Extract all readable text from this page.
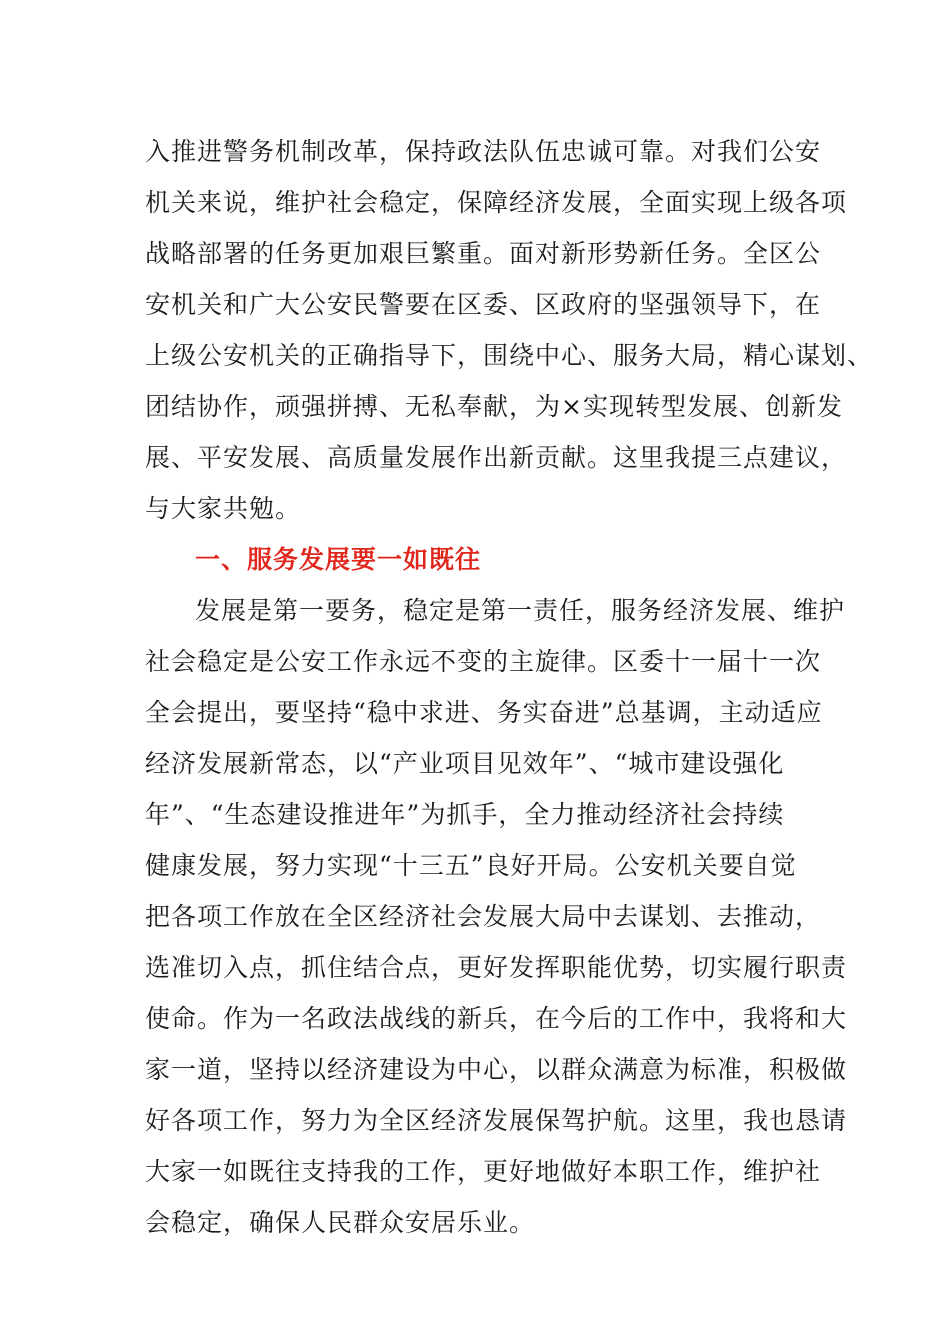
入推进警务机制改革，保持政法队伍忠诚可靠。对我们公安
机关来说，维护社会稳定，保障经济发展，全面实现上级各项
战略部署的任务更加艰巨繁重。面对新形势新任务。全区公
安机关和广大公安民警要在区委、区政府的坚强领导下，在
上级公安机关的正确指导下，围绕中心、服务大局，精心谋划、
团结协作，顽强拼搏、无私奉献，为×实现转型发展、创新发
展、平安发展、高质量发展作出新贡献。这里我提三点建议，
与大家共勉。
一、服务发展要一如既往
发展是第一要务，稳定是第一责任，服务经济发展、维护
社会稳定是公安工作永远不变的主旋律。区委十一届十一次
全会提出，要坚持“稳中求进、务实奋进”总基调，主动适应
经济发展新常态，以“产业项目见效年”、“城市建设强化
年”、“生态建设推进年”为抓手，全力推动经济社会持续
健康发展，努力实现“十三五”良好开局。公安机关要自觉
把各项工作放在全区经济社会发展大局中去谋划、去推动，
选准切入点，抓住结合点，更好发挥职能优势，切实履行职责
使命。作为一名政法战线的新兵，在今后的工作中，我将和大
家一道，坚持以经济建设为中心，以群众满意为标准，积极做
好各项工作，努力为全区经济发展保驾护航。这里，我也恳请
大家一如既往支持我的工作，更好地做好本职工作，维护社
会稳定，确保人民群众安居乐业。
